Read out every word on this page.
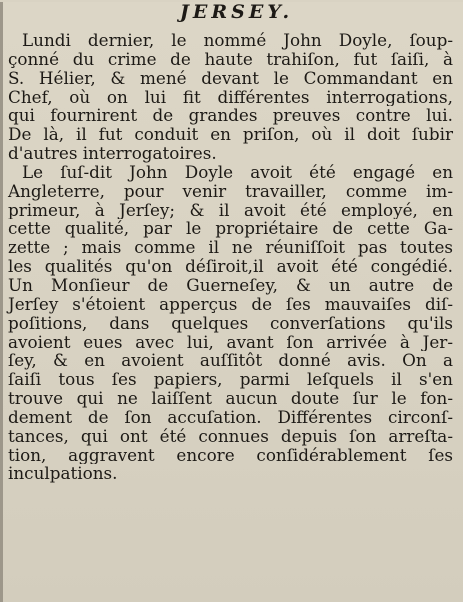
JERSEY.
Lundi dernier, le nommé John Doyle, ſoup-
çonné du crime de haute trahiſon, fut ſaiſi, à
S. Hélier, & mené devant le Commandant en
Chef, où on lui fit différentes interrogations,
qui fournirent de grandes preuves contre lui.
De là, il fut conduit en priſon, où il doit ſubir
d'autres interrogatoires.
Le ſuſ-dit John Doyle avoit été engagé en
Angleterre, pour venir travailler, comme im-
primeur, à Jerſey; & il avoit été employé, en
cette qualité, par le propriétaire de cette Ga-
zette ; mais comme il ne réuniſſoit pas toutes
les qualités qu'on déſiroit,il avoit été congédié.
Un Monſieur de Guerneſey, & un autre de
Jerſey s'étoient apperçus de ſes mauvaiſes diſ-
poſitions, dans quelques converſations qu'ils
avoient eues avec lui, avant ſon arrivée à Jer-
ſey, & en avoient auſſitôt donné avis. On a
ſaiſi tous ſes papiers, parmi leſquels il s'en
trouve qui ne laiſſent aucun doute ſur le fon-
dement de ſon accuſation. Différentes circonſ-
tances, qui ont été connues depuis ſon arreſta-
tion, aggravent encore conſidérablement ſes
inculpations.
